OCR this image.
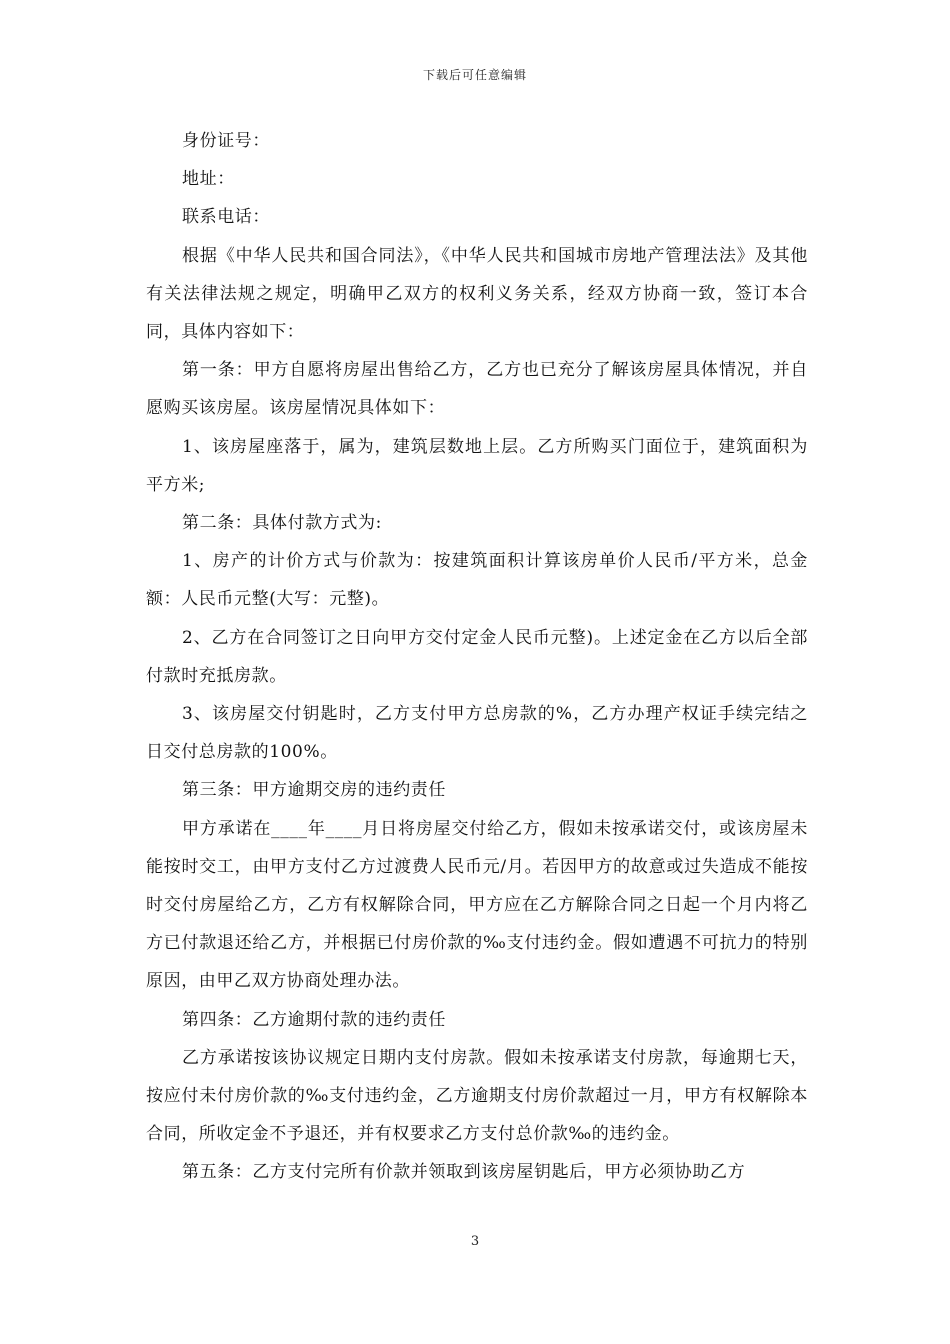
下载后可任意编辑

身份证号：

地址：

联系电话：

根据《中华人民共和国合同法》，《中华人民共和国城市房地产管理法法》及其他有关法律法规之规定，明确甲乙双方的权利义务关系，经双方协商一致，签订本合同，具体内容如下：

第一条：甲方自愿将房屋出售给乙方，乙方也已充分了解该房屋具体情况，并自愿购买该房屋。该房屋情况具体如下：

1、该房屋座落于，属为，建筑层数地上层。乙方所购买门面位于，建筑面积为平方米;

第二条：具体付款方式为:

1、房产的计价方式与价款为：按建筑面积计算该房单价人民币/平方米，总金额：人民币元整(大写：元整)。

2、乙方在合同签订之日向甲方交付定金人民币元整)。上述定金在乙方以后全部付款时充抵房款。

3、该房屋交付钥匙时，乙方支付甲方总房款的%，乙方办理产权证手续完结之日交付总房款的100%。

第三条：甲方逾期交房的违约责任

甲方承诺在____年____月日将房屋交付给乙方，假如未按承诺交付，或该房屋未能按时交工，由甲方支付乙方过渡费人民币元/月。若因甲方的故意或过失造成不能按时交付房屋给乙方，乙方有权解除合同，甲方应在乙方解除合同之日起一个月内将乙方已付款退还给乙方，并根据已付房价款的‰支付违约金。假如遭遇不可抗力的特别原因，由甲乙双方协商处理办法。

第四条：乙方逾期付款的违约责任

乙方承诺按该协议规定日期内支付房款。假如未按承诺支付房款，每逾期七天，按应付未付房价款的‰支付违约金，乙方逾期支付房价款超过一月，甲方有权解除本合同，所收定金不予退还，并有权要求乙方支付总价款‰的违约金。

第五条：乙方支付完所有价款并领取到该房屋钥匙后，甲方必须协助乙方

3
